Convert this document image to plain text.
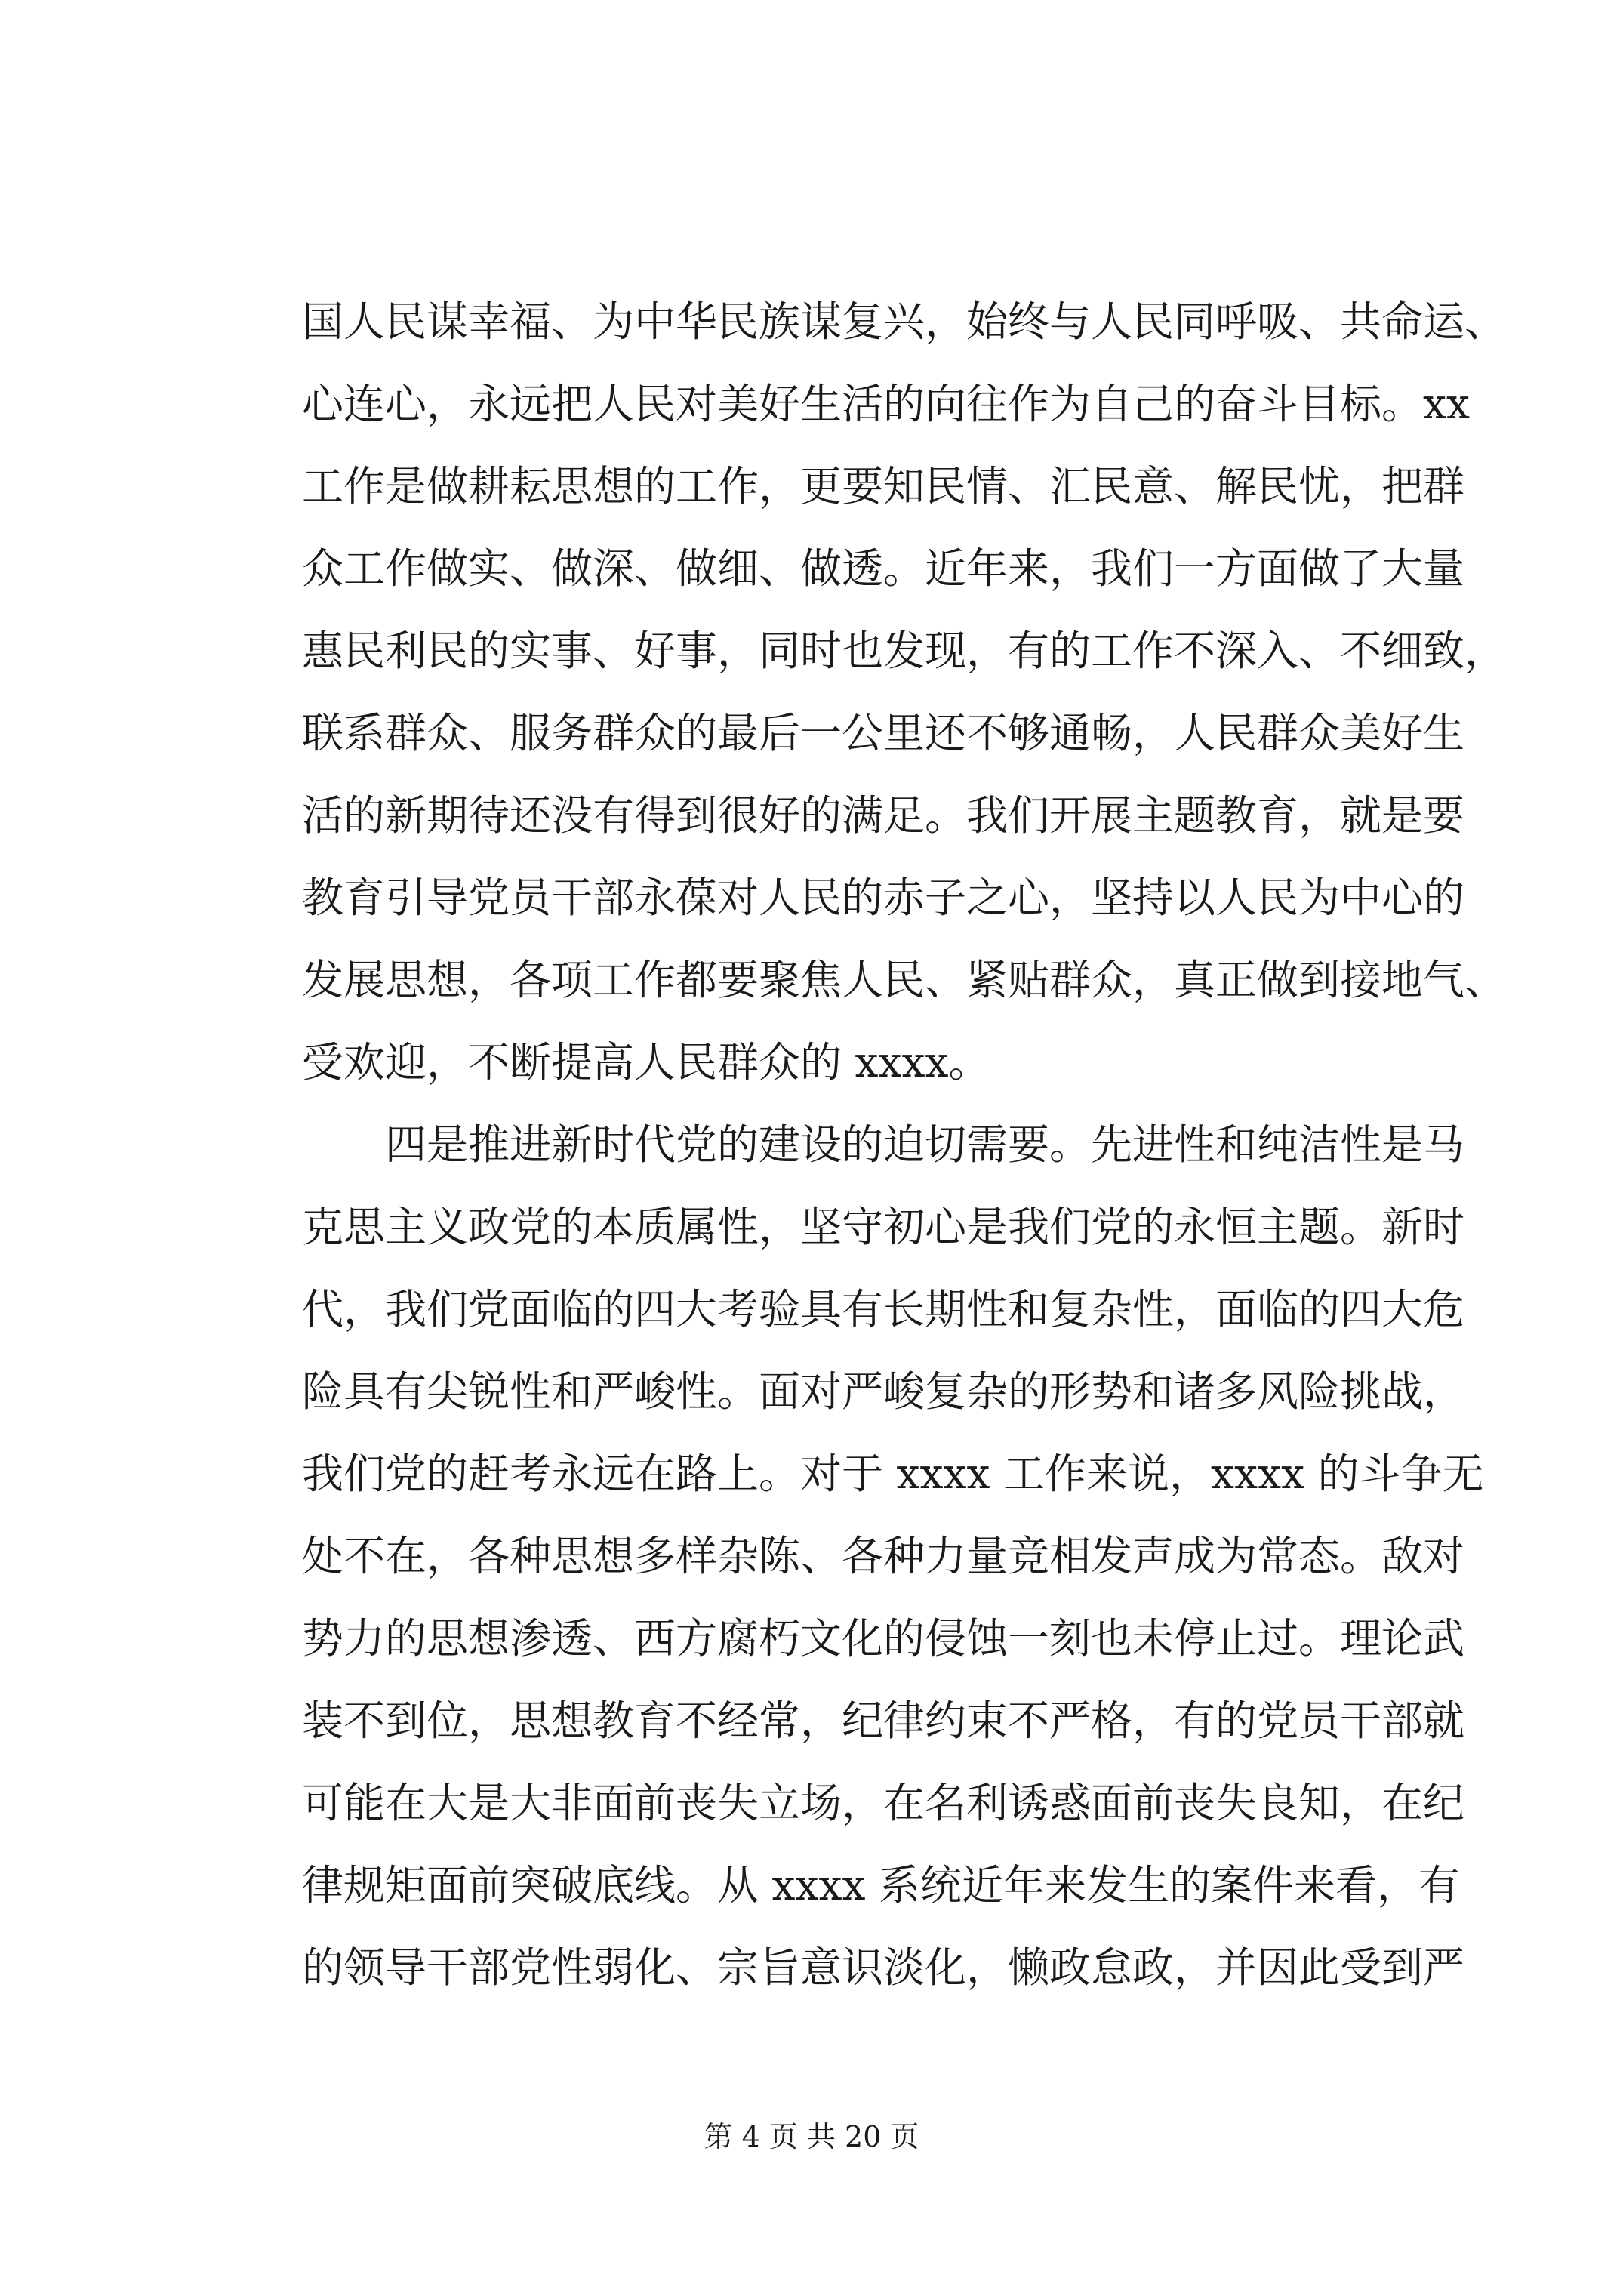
国人民谋幸福、为中华民族谋复兴，始终与人民同呼吸、共命运、
心连心，永远把人民对美好生活的向往作为自己的奋斗目标。xx
工作是做耕耘思想的工作，更要知民情、汇民意、解民忧，把群
众工作做实、做深、做细、做透。近年来，我们一方面做了大量
惠民利民的实事、好事，同时也发现，有的工作不深入、不细致，
联系群众、服务群众的最后一公里还不够通畅，人民群众美好生
活的新期待还没有得到很好的满足。我们开展主题教育，就是要
教育引导党员干部永葆对人民的赤子之心，坚持以人民为中心的
发展思想，各项工作都要聚焦人民、紧贴群众，真正做到接地气、
受欢迎，不断提高人民群众的 xxxx。
四是推进新时代党的建设的迫切需要。先进性和纯洁性是马
克思主义政党的本质属性，坚守初心是我们党的永恒主题。新时
代，我们党面临的四大考验具有长期性和复杂性，面临的四大危
险具有尖锐性和严峻性。面对严峻复杂的形势和诸多风险挑战，
我们党的赶考永远在路上。对于 xxxx 工作来说，xxxx 的斗争无
处不在，各种思想多样杂陈、各种力量竞相发声成为常态。敌对
势力的思想渗透、西方腐朽文化的侵蚀一刻也未停止过。理论武
装不到位，思想教育不经常，纪律约束不严格，有的党员干部就
可能在大是大非面前丧失立场，在名利诱惑面前丧失良知，在纪
律规矩面前突破底线。从 xxxx 系统近年来发生的案件来看，有
的领导干部党性弱化、宗旨意识淡化，懒政怠政，并因此受到严
第 4 页 共 20 页
